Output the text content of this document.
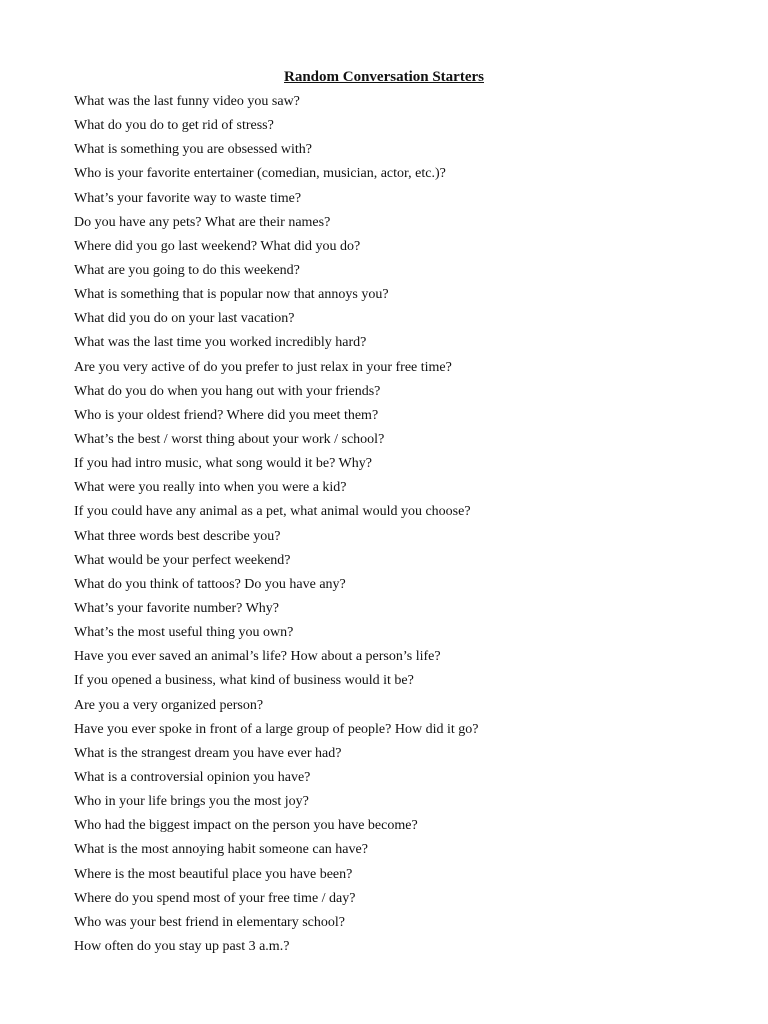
Random Conversation Starters
What was the last funny video you saw?
What do you do to get rid of stress?
What is something you are obsessed with?
Who is your favorite entertainer (comedian, musician, actor, etc.)?
What’s your favorite way to waste time?
Do you have any pets? What are their names?
Where did you go last weekend? What did you do?
What are you going to do this weekend?
What is something that is popular now that annoys you?
What did you do on your last vacation?
What was the last time you worked incredibly hard?
Are you very active of do you prefer to just relax in your free time?
What do you do when you hang out with your friends?
Who is your oldest friend? Where did you meet them?
What’s the best / worst thing about your work / school?
If you had intro music, what song would it be? Why?
What were you really into when you were a kid?
If you could have any animal as a pet, what animal would you choose?
What three words best describe you?
What would be your perfect weekend?
What do you think of tattoos? Do you have any?
What’s your favorite number? Why?
What’s the most useful thing you own?
Have you ever saved an animal’s life? How about a person’s life?
If you opened a business, what kind of business would it be?
Are you a very organized person?
Have you ever spoke in front of a large group of people? How did it go?
What is the strangest dream you have ever had?
What is a controversial opinion you have?
Who in your life brings you the most joy?
Who had the biggest impact on the person you have become?
What is the most annoying habit someone can have?
Where is the most beautiful place you have been?
Where do you spend most of your free time / day?
Who was your best friend in elementary school?
How often do you stay up past 3 a.m.?
